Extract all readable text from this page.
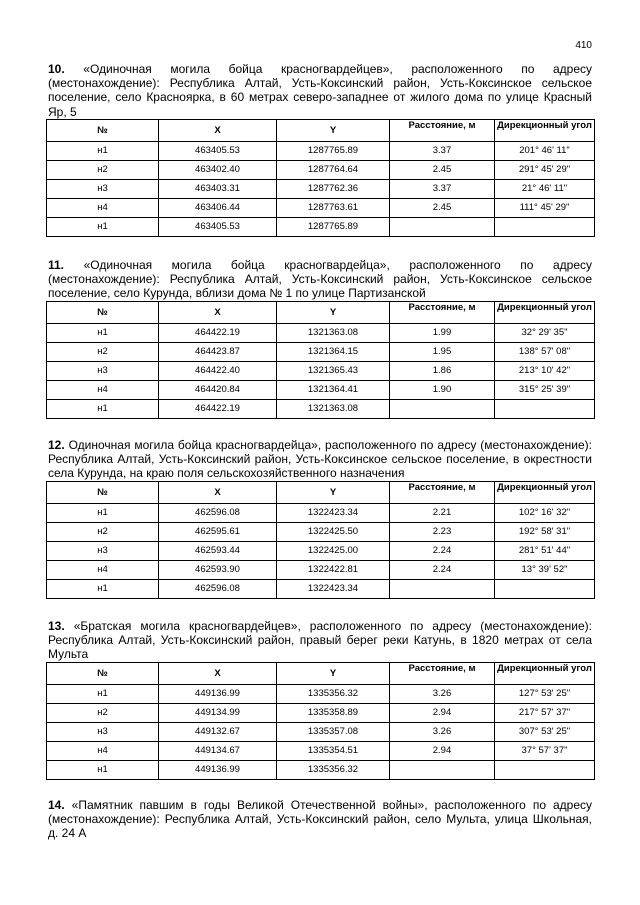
410

10. «Одиночная могила бойца красногвардейцев», расположенного по адресу (местонахождение): Республика Алтай, Усть-Коксинский район, Усть-Коксинское сельское поселение, село Красноярка, в 60 метрах северо-западнее от жилого дома по улице Красный Яр, 5

№	X	Y	Расстояние, м	Дирекционный угол
н1	463405.53	1287765.89	3.37	201° 46' 11"
н2	463402.40	1287764.64	2.45	291° 45' 29"
н3	463403.31	1287762.36	3.37	21° 46' 11"
н4	463406.44	1287763.61	2.45	111° 45' 29"
н1	463405.53	1287765.89		

11. «Одиночная могила бойца красногвардейца», расположенного по адресу (местонахождение): Республика Алтай, Усть-Коксинский район, Усть-Коксинское сельское поселение, село Курунда, вблизи дома № 1 по улице Партизанской

№	X	Y	Расстояние, м	Дирекционный угол
н1	464422.19	1321363.08	1.99	32° 29' 35"
н2	464423.87	1321364.15	1.95	138° 57' 08"
н3	464422.40	1321365.43	1.86	213° 10' 42"
н4	464420.84	1321364.41	1.90	315° 25' 39"
н1	464422.19	1321363.08		

12. Одиночная могила бойца красногвардейца», расположенного по адресу (местонахождение): Республика Алтай, Усть-Коксинский район, Усть-Коксинское сельское поселение, в окрестности села Курунда, на краю поля сельскохозяйственного назначения

№	X	Y	Расстояние, м	Дирекционный угол
н1	462596.08	1322423.34	2.21	102° 16' 32"
н2	462595.61	1322425.50	2.23	192° 58' 31"
н3	462593.44	1322425.00	2.24	281° 51' 44"
н4	462593.90	1322422.81	2.24	13° 39' 52"
н1	462596.08	1322423.34		

13. «Братская могила красногвардейцев», расположенного по адресу (местонахождение): Республика Алтай, Усть-Коксинский район, правый берег реки Катунь, в 1820 метрах от села Мульта

№	X	Y	Расстояние, м	Дирекционный угол
н1	449136.99	1335356.32	3.26	127° 53' 25"
н2	449134.99	1335358.89	2.94	217° 57' 37"
н3	449132.67	1335357.08	3.26	307° 53' 25"
н4	449134.67	1335354.51	2.94	37° 57' 37"
н1	449136.99	1335356.32		

14. «Памятник павшим в годы Великой Отечественной войны», расположенного по адресу (местонахождение): Республика Алтай, Усть-Коксинский район, село Мульта, улица Школьная, д. 24 А
